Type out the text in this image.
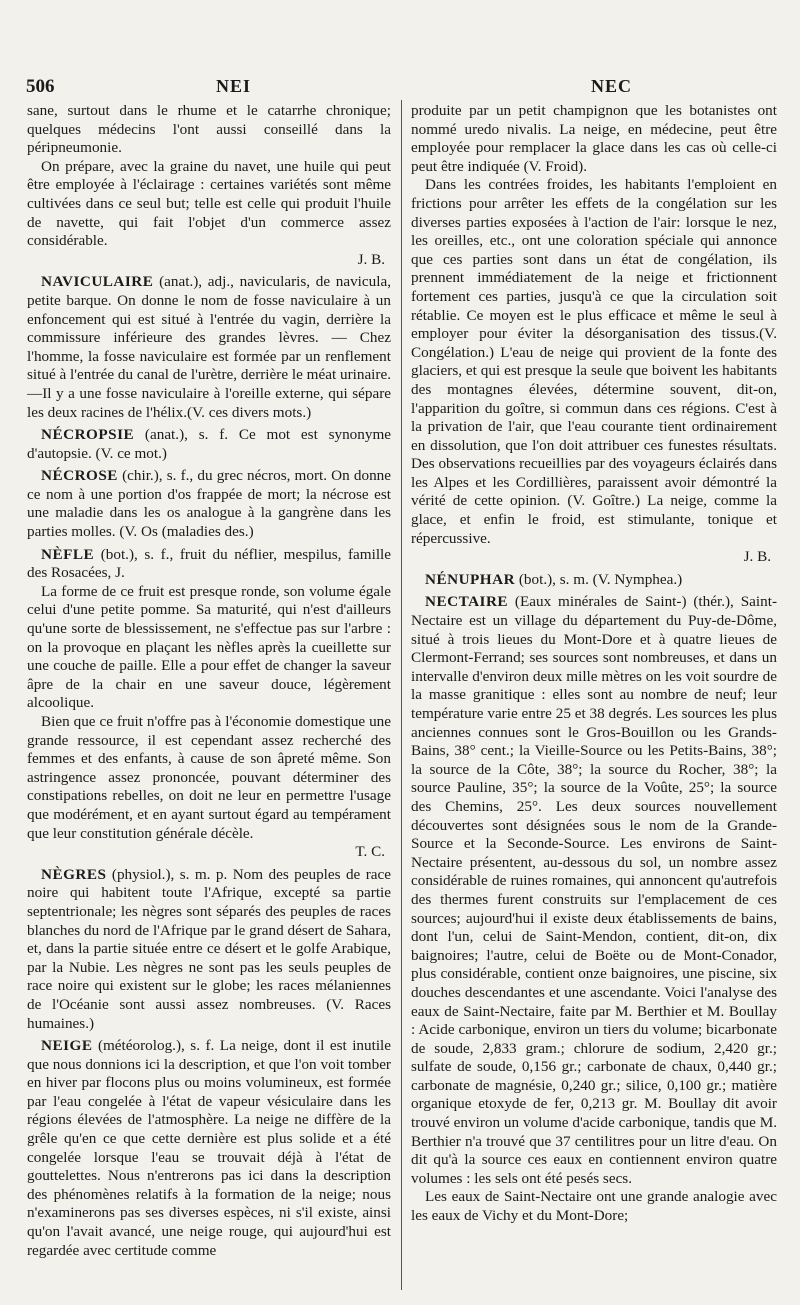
506	NEI	NEC

sane, surtout dans le rhume et le catarrhe chronique; quelques médecins l'ont aussi conseillé dans la péripneumonie.

On prépare, avec la graine du navet, une huile qui peut être employée à l'éclairage : certaines variétés sont même cultivées dans ce seul but; telle est celle qui produit l'huile de navette, qui fait l'objet d'un commerce assez considérable.
J. B.

NAVICULAIRE (anat.), adj., navicularis, de navicula, petite barque. On donne le nom de fosse naviculaire à un enfoncement qui est situé à l'entrée du vagin, derrière la commissure inférieure des grandes lèvres. — Chez l'homme, la fosse naviculaire est formée par un renflement situé à l'entrée du canal de l'urètre, derrière le méat urinaire.—Il y a une fosse naviculaire à l'oreille externe, qui sépare les deux racines de l'hélix.(V. ces divers mots.)

NÉCROPSIE (anat.), s. f. Ce mot est synonyme d'autopsie. (V. ce mot.)

NÉCROSE (chir.), s. f., du grec nécros, mort. On donne ce nom à une portion d'os frappée de mort; la nécrose est une maladie dans les os analogue à la gangrène dans les parties molles. (V. Os (maladies des.)

NÈFLE (bot.), s. f., fruit du néflier, mespilus, famille des Rosacées, J.

La forme de ce fruit est presque ronde, son volume égale celui d'une petite pomme. Sa maturité, qui n'est d'ailleurs qu'une sorte de blessissement, ne s'effectue pas sur l'arbre : on la provoque en plaçant les nèfles après la cueillette sur une couche de paille. Elle a pour effet de changer la saveur âpre de la chair en une saveur douce, légèrement alcoolique.

Bien que ce fruit n'offre pas à l'économie domestique une grande ressource, il est cependant assez recherché des femmes et des enfants, à cause de son âpreté même. Son astringence assez prononcée, pouvant déterminer des constipations rebelles, on doit ne leur en permettre l'usage que modérément, et en ayant surtout égard au tempérament que leur constitution générale décèle.
T. C.

NÈGRES (physiol.), s. m. p. Nom des peuples de race noire qui habitent toute l'Afrique, excepté sa partie septentrionale; les nègres sont séparés des peuples de races blanches du nord de l'Afrique par le grand désert de Sahara, et, dans la partie située entre ce désert et le golfe Arabique, par la Nubie. Les nègres ne sont pas les seuls peuples de race noire qui existent sur le globe; les races mélaniennes de l'Océanie sont aussi assez nombreuses. (V. Races humaines.)

NEIGE (météorolog.), s. f. La neige, dont il est inutile que nous donnions ici la description, et que l'on voit tomber en hiver par flocons plus ou moins volumineux, est formée par l'eau congelée à l'état de vapeur vésiculaire dans les régions élevées de l'atmosphère. La neige ne diffère de la grêle qu'en ce que cette dernière est plus solide et a été congelée lorsque l'eau se trouvait déjà à l'état de gouttelettes. Nous n'entrerons pas ici dans la description des phénomènes relatifs à la formation de la neige; nous n'examinerons pas ses diverses espèces, ni s'il existe, ainsi qu'on l'avait avancé, une neige rouge, qui aujourd'hui est regardée avec certitude comme

produite par un petit champignon que les botanistes ont nommé uredo nivalis. La neige, en médecine, peut être employée pour remplacer la glace dans les cas où celle-ci peut être indiquée (V. Froid).

Dans les contrées froides, les habitants l'emploient en frictions pour arrêter les effets de la congélation sur les diverses parties exposées à l'action de l'air: lorsque le nez, les oreilles, etc., ont une coloration spéciale qui annonce que ces parties sont dans un état de congélation, ils prennent immédiatement de la neige et frictionnent fortement ces parties, jusqu'à ce que la circulation soit rétablie. Ce moyen est le plus efficace et même le seul à employer pour éviter la désorganisation des tissus.(V. Congélation.) L'eau de neige qui provient de la fonte des glaciers, et qui est presque la seule que boivent les habitants des montagnes élevées, détermine souvent, dit-on, l'apparition du goître, si commun dans ces régions. C'est à la privation de l'air, que l'eau courante tient ordinairement en dissolution, que l'on doit attribuer ces funestes résultats. Des observations recueillies par des voyageurs éclairés dans les Alpes et les Cordillières, paraissent avoir démontré la vérité de cette opinion. (V. Goître.) La neige, comme la glace, et enfin le froid, est stimulante, tonique et répercussive.
J. B.

NÉNUPHAR (bot.), s. m. (V. Nymphea.)

NECTAIRE (Eaux minérales de Saint-) (thér.), Saint-Nectaire est un village du département du Puy-de-Dôme, situé à trois lieues du Mont-Dore et à quatre lieues de Clermont-Ferrand; ses sources sont nombreuses, et dans un intervalle d'environ deux mille mètres on les voit sourdre de la masse granitique : elles sont au nombre de neuf; leur température varie entre 25 et 38 degrés. Les sources les plus anciennes connues sont le Gros-Bouillon ou les Grands-Bains, 38° cent.; la Vieille-Source ou les Petits-Bains, 38°; la source de la Côte, 38°; la source du Rocher, 38°; la source Pauline, 35°; la source de la Voûte, 25°; la source des Chemins, 25°. Les deux sources nouvellement découvertes sont désignées sous le nom de la Grande-Source et la Seconde-Source. Les environs de Saint-Nectaire présentent, au-dessous du sol, un nombre assez considérable de ruines romaines, qui annoncent qu'autrefois des thermes furent construits sur l'emplacement de ces sources; aujourd'hui il existe deux établissements de bains, dont l'un, celui de Saint-Mendon, contient, dit-on, dix baignoires; l'autre, celui de Boëte ou de Mont-Conador, plus considérable, contient onze baignoires, une piscine, six douches descendantes et une ascendante. Voici l'analyse des eaux de Saint-Nectaire, faite par M. Berthier et M. Boullay : Acide carbonique, environ un tiers du volume; bicarbonate de soude, 2,833 gram.; chlorure de sodium, 2,420 gr.; sulfate de soude, 0,156 gr.; carbonate de chaux, 0,440 gr.; carbonate de magnésie, 0,240 gr.; silice, 0,100 gr.; matière organique etoxyde de fer, 0,213 gr. M. Boullay dit avoir trouvé environ un volume d'acide carbonique, tandis que M. Berthier n'a trouvé que 37 centilitres pour un litre d'eau. On dit qu'à la source ces eaux en contiennent environ quatre volumes : les sels ont été pesés secs.

Les eaux de Saint-Nectaire ont une grande analogie avec les eaux de Vichy et du Mont-Dore;
